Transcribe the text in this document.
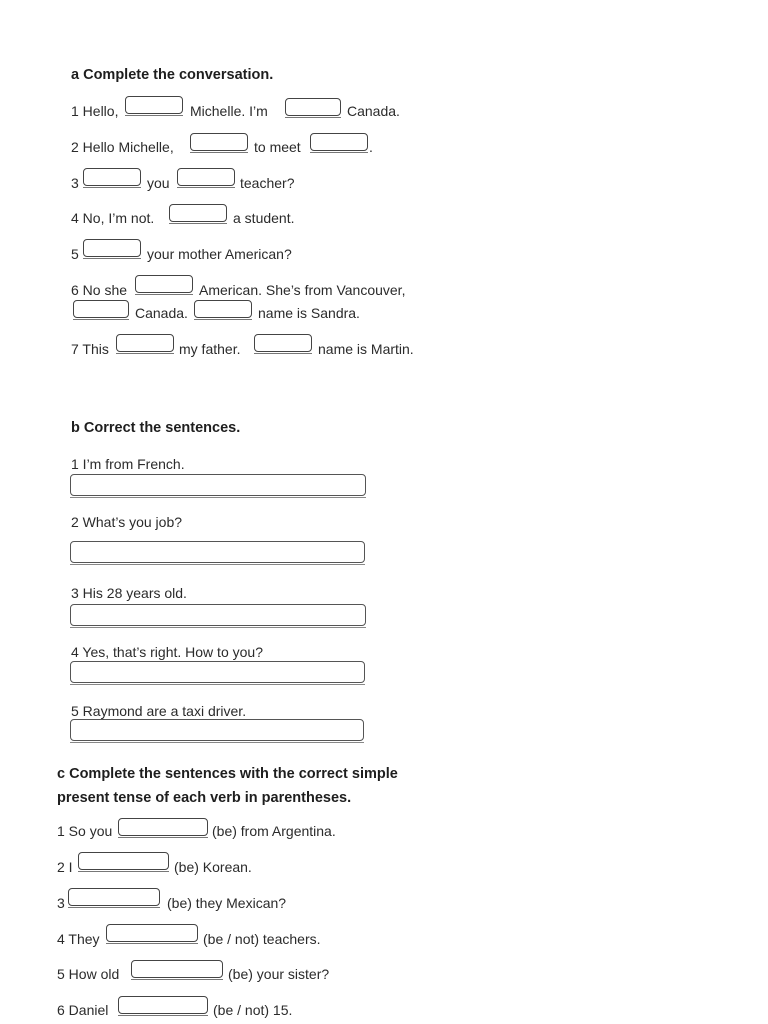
a Complete the conversation.
1 Hello,	Michelle. I’m	Canada.
2 Hello Michelle,	to meet	.
3	you	teacher?
4 No, I’m not.	a student.
5	your mother American?
6 No she	American. She’s from Vancouver,
Canada.	name is Sandra.
7 This	my father.	name is Martin.
b Correct the sentences.
1 I’m from French.
2 What’s you job?
3 His 28 years old.
4 Yes, that’s right. How to you?
5 Raymond are a taxi driver.
c Complete the sentences with the correct simple
present tense of each verb in parentheses.
1 So you	(be) from Argentina.
2 I	(be) Korean.
3	(be) they Mexican?
4 They	(be / not) teachers.
5 How old	(be) your sister?
6 Daniel	(be / not) 15.
